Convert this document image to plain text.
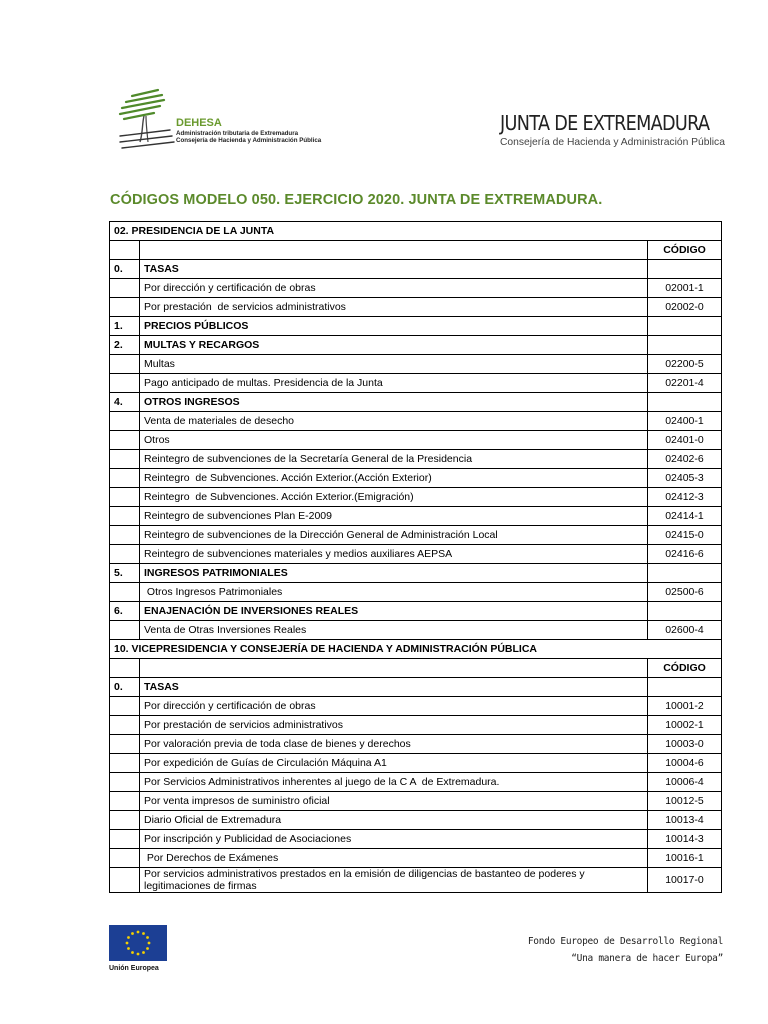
DEHESA
Administración tributaria de Extremadura
Consejería de Hacienda y Administración Pública
JUNTA DE EXTREMADURA
Consejería de Hacienda y Administración Pública
CÓDIGOS MODELO 050. EJERCICIO 2020. JUNTA DE EXTREMADURA.
02. PRESIDENCIA DE LA JUNTA		
		CÓDIGO
0.	TASAS	
	Por dirección y certificación de obras	02001-1
	Por prestación  de servicios administrativos	02002-0
1.	PRECIOS PÚBLICOS	
2.	MULTAS Y RECARGOS	
	Multas	02200-5
	Pago anticipado de multas. Presidencia de la Junta	02201-4
4.	OTROS INGRESOS	
	Venta de materiales de desecho	02400-1
	Otros	02401-0
	Reintegro de subvenciones de la Secretaría General de la Presidencia	02402-6
	Reintegro  de Subvenciones. Acción Exterior.(Acción Exterior)	02405-3
	Reintegro  de Subvenciones. Acción Exterior.(Emigración)	02412-3
	Reintegro de subvenciones Plan E-2009	02414-1
	Reintegro de subvenciones de la Dirección General de Administración Local	02415-0
	Reintegro de subvenciones materiales y medios auxiliares AEPSA	02416-6
5.	INGRESOS PATRIMONIALES	
	Otros Ingresos Patrimoniales	02500-6
6.	ENAJENACIÓN DE INVERSIONES REALES	
	Venta de Otras Inversiones Reales	02600-4
10. VICEPRESIDENCIA Y CONSEJERÍA DE HACIENDA Y ADMINISTRACIÓN PÚBLICA		
		CÓDIGO
0.	TASAS	
	Por dirección y certificación de obras	10001-2
	Por prestación de servicios administrativos	10002-1
	Por valoración previa de toda clase de bienes y derechos	10003-0
	Por expedición de Guías de Circulación Máquina A1	10004-6
	Por Servicios Administrativos inherentes al juego de la C A  de Extremadura.	10006-4
	Por venta impresos de suministro oficial	10012-5
	Diario Oficial de Extremadura	10013-4
	Por inscripción y Publicidad de Asociaciones	10014-3
	Por Derechos de Exámenes	10016-1
	Por servicios administrativos prestados en la emisión de diligencias de bastanteo de poderes y legitimaciones de firmas	10017-0
Unión Europea
Fondo Europeo de Desarrollo Regional
“Una manera de hacer Europa”
